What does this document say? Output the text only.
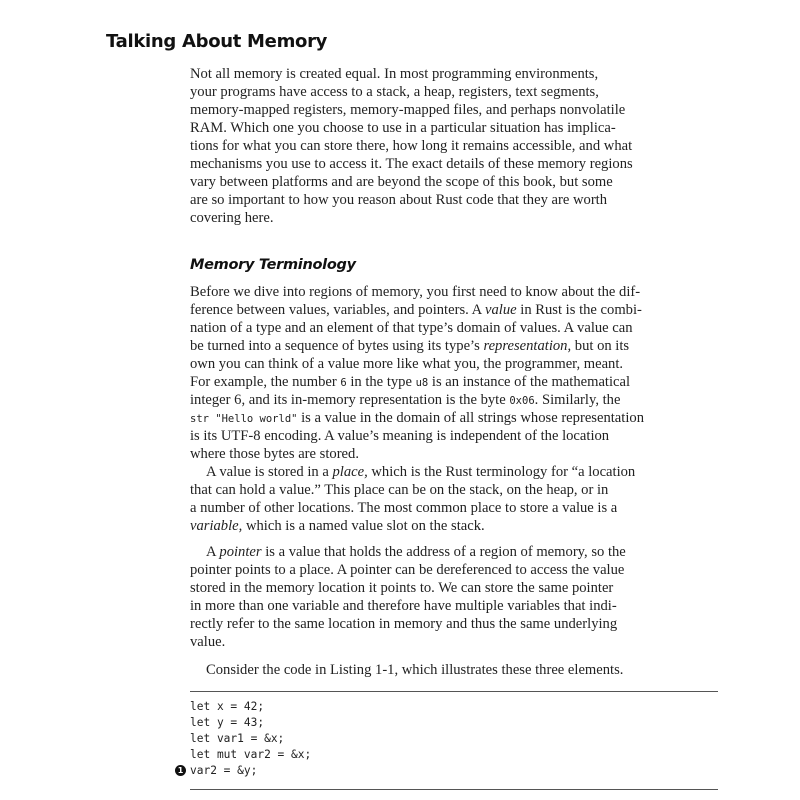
Talking About Memory
Not all memory is created equal. In most programming environments,
your programs have access to a stack, a heap, registers, text segments,
memory-mapped registers, memory-mapped files, and perhaps nonvolatile
RAM. Which one you choose to use in a particular situation has implica-
tions for what you can store there, how long it remains accessible, and what
mechanisms you use to access it. The exact details of these memory regions
vary between platforms and are beyond the scope of this book, but some
are so important to how you reason about Rust code that they are worth
covering here.
Memory Terminology
Before we dive into regions of memory, you first need to know about the dif-
ference between values, variables, and pointers. A value in Rust is the combi-
nation of a type and an element of that type’s domain of values. A value can
be turned into a sequence of bytes using its type’s representation, but on its
own you can think of a value more like what you, the programmer, meant.
For example, the number 6 in the type u8 is an instance of the mathematical
integer 6, and its in-memory representation is the byte 0x06. Similarly, the
str "Hello world" is a value in the domain of all strings whose representation
is its UTF-8 encoding. A value’s meaning is independent of the location
where those bytes are stored.
A value is stored in a place, which is the Rust terminology for “a location
that can hold a value.” This place can be on the stack, on the heap, or in
a number of other locations. The most common place to store a value is a
variable, which is a named value slot on the stack.
A pointer is a value that holds the address of a region of memory, so the
pointer points to a place. A pointer can be dereferenced to access the value
stored in the memory location it points to. We can store the same pointer
in more than one variable and therefore have multiple variables that indi-
rectly refer to the same location in memory and thus the same underlying
value.
Consider the code in Listing 1-1, which illustrates these three elements.
let x = 42;
let y = 43;
let var1 = &x;
let mut var2 = &x;
var2 = &y;
1
